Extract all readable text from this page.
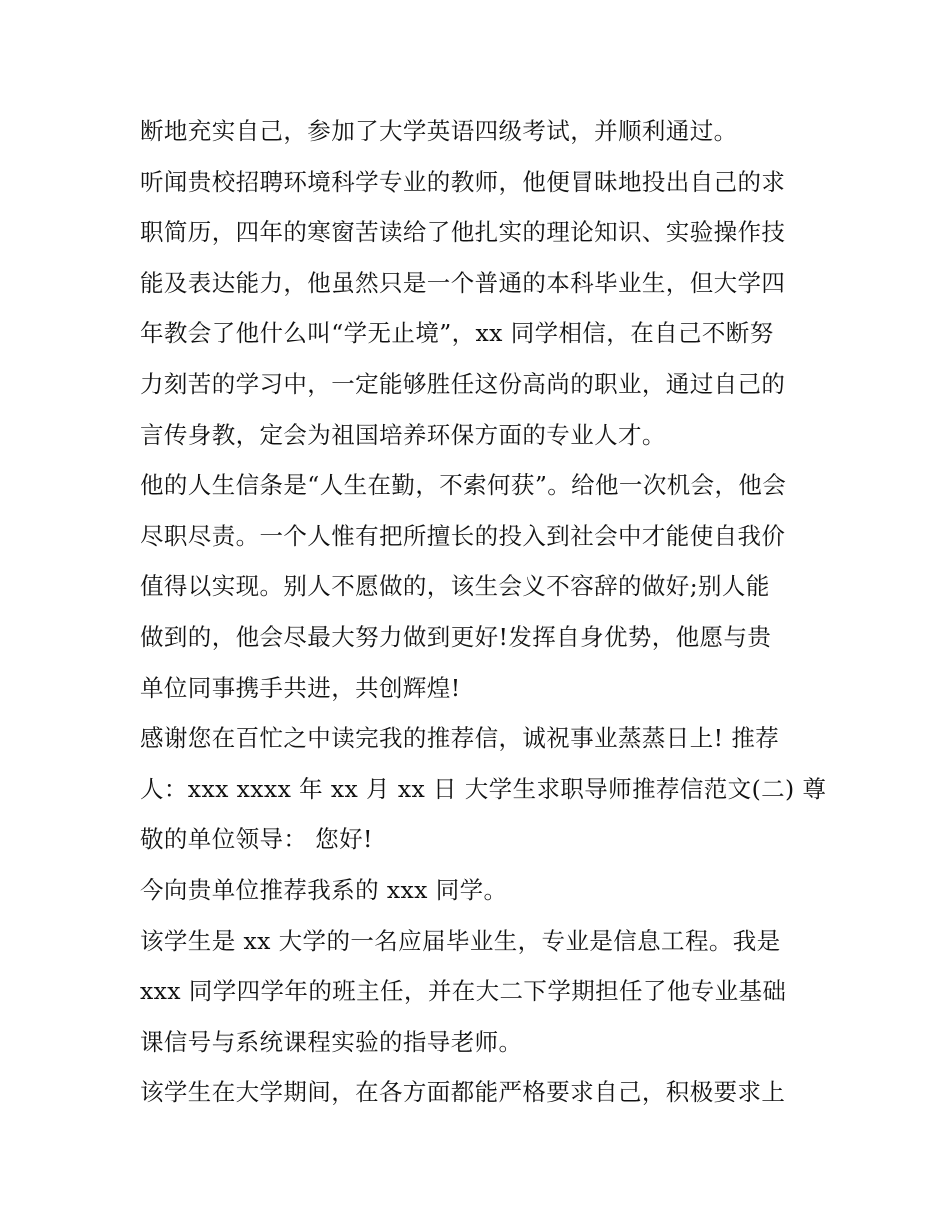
断地充实自己，参加了大学英语四级考试，并顺利通过。
听闻贵校招聘环境科学专业的教师，他便冒昧地投出自己的求
职简历，四年的寒窗苦读给了他扎实的理论知识、实验操作技
能及表达能力，他虽然只是一个普通的本科毕业生，但大学四
年教会了他什么叫“学无止境”，xx 同学相信，在自己不断努
力刻苦的学习中，一定能够胜任这份高尚的职业，通过自己的
言传身教，定会为祖国培养环保方面的专业人才。
他的人生信条是“人生在勤，不索何获”。给他一次机会，他会
尽职尽责。一个人惟有把所擅长的投入到社会中才能使自我价
值得以实现。别人不愿做的，该生会义不容辞的做好;别人能
做到的，他会尽最大努力做到更好!发挥自身优势，他愿与贵
单位同事携手共进，共创辉煌!
感谢您在百忙之中读完我的推荐信，诚祝事业蒸蒸日上! 推荐
人：xxx xxxx 年 xx 月 xx 日 大学生求职导师推荐信范文(二) 尊
敬的单位领导： 您好!
今向贵单位推荐我系的 xxx 同学。
该学生是 xx 大学的一名应届毕业生，专业是信息工程。我是
xxx 同学四学年的班主任，并在大二下学期担任了他专业基础
课信号与系统课程实验的指导老师。
该学生在大学期间，在各方面都能严格要求自己，积极要求上
